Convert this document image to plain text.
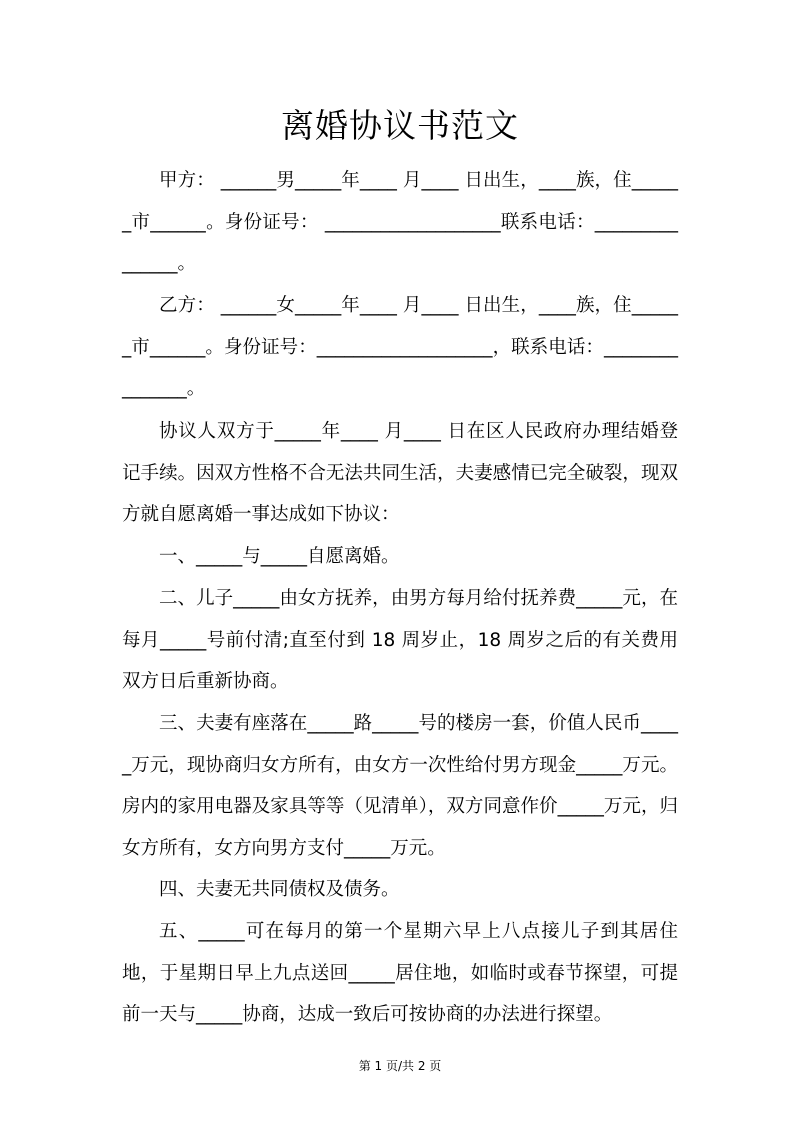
离婚协议书范文

甲方： ______男_____年____ 月____ 日出生，____族，住______市______。身份证号： ___________________联系电话：_______________。

乙方： ______女_____年____ 月____ 日出生，____族，住______市______。身份证号：___________________，联系电话：_______________。

协议人双方于_____年____ 月____ 日在区人民政府办理结婚登记手续。因双方性格不合无法共同生活，夫妻感情已完全破裂，现双方就自愿离婚一事达成如下协议：

一、_____与_____自愿离婚。

二、儿子_____由女方抚养，由男方每月给付抚养费_____元，在每月_____号前付清;直至付到 18 周岁止，18 周岁之后的有关费用双方日后重新协商。

三、夫妻有座落在_____路_____号的楼房一套，价值人民币_____万元，现协商归女方所有，由女方一次性给付男方现金_____万元。房内的家用电器及家具等等（见清单），双方同意作价_____万元，归女方所有，女方向男方支付_____万元。

四、夫妻无共同债权及债务。

五、_____可在每月的第一个星期六早上八点接儿子到其居住地，于星期日早上九点送回_____居住地，如临时或春节探望，可提前一天与_____协商，达成一致后可按协商的办法进行探望。

第 1 页/共 2 页
